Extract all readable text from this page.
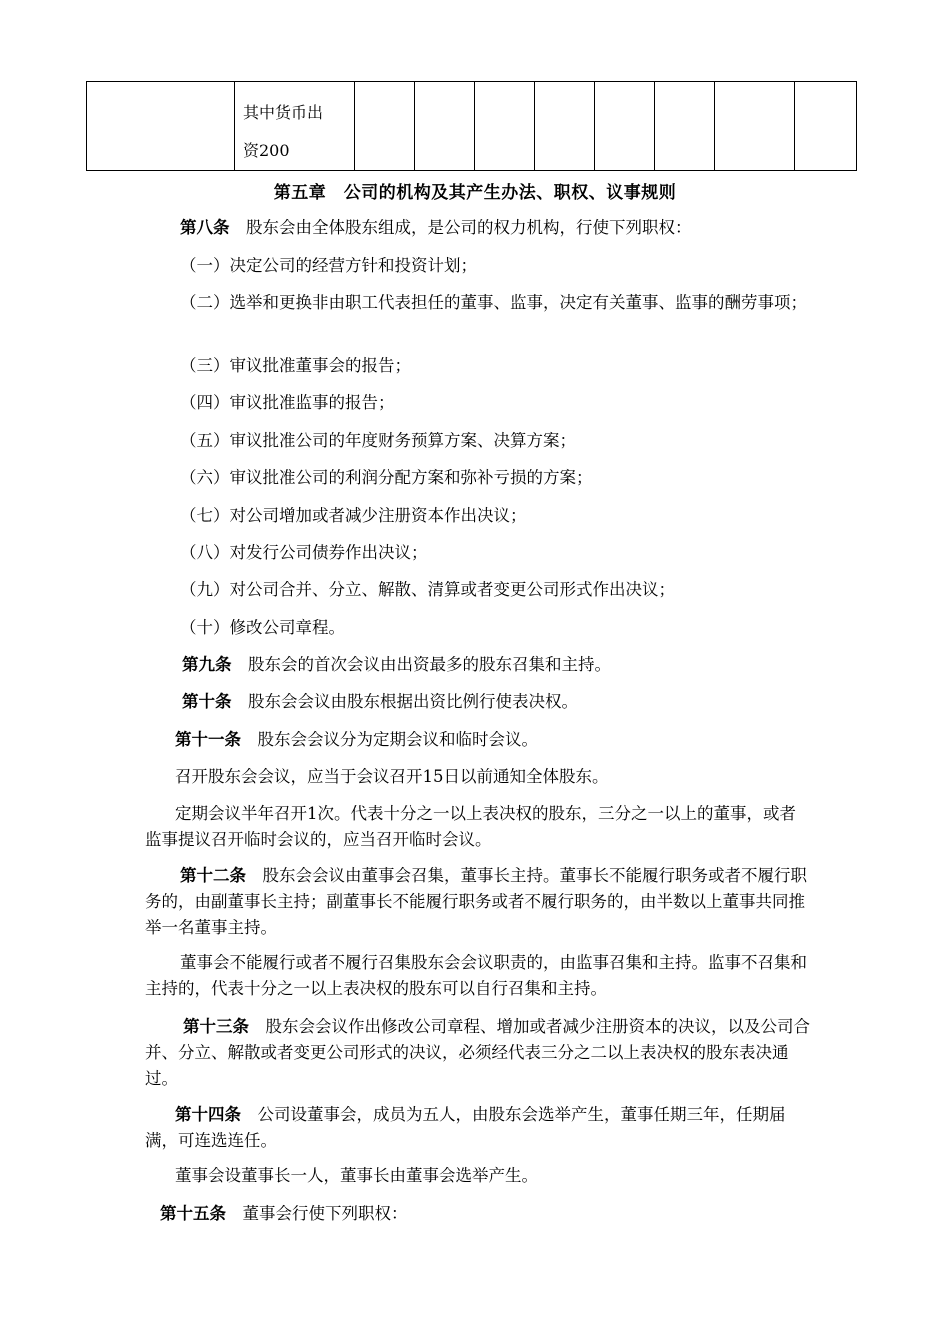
其中货币出
资200

第五章　公司的机构及其产生办法、职权、议事规则
第八条　股东会由全体股东组成，是公司的权力机构，行使下列职权：
（一）决定公司的经营方针和投资计划；
（二）选举和更换非由职工代表担任的董事、监事，决定有关董事、监事的酬劳事项；
（三）审议批准董事会的报告；
（四）审议批准监事的报告；
（五）审议批准公司的年度财务预算方案、决算方案；
（六）审议批准公司的利润分配方案和弥补亏损的方案；
（七）对公司增加或者减少注册资本作出决议；
（八）对发行公司债券作出决议；
（九）对公司合并、分立、解散、清算或者变更公司形式作出决议；
（十）修改公司章程。
第九条　股东会的首次会议由出资最多的股东召集和主持。
第十条　股东会会议由股东根据出资比例行使表决权。
第十一条　股东会会议分为定期会议和临时会议。
召开股东会会议，应当于会议召开15日以前通知全体股东。
定期会议半年召开1次。代表十分之一以上表决权的股东，三分之一以上的董事，或者监事提议召开临时会议的，应当召开临时会议。
第十二条　股东会会议由董事会召集，董事长主持。董事长不能履行职务或者不履行职务的，由副董事长主持；副董事长不能履行职务或者不履行职务的，由半数以上董事共同推举一名董事主持。
董事会不能履行或者不履行召集股东会会议职责的，由监事召集和主持。监事不召集和主持的，代表十分之一以上表决权的股东可以自行召集和主持。
第十三条　股东会会议作出修改公司章程、增加或者减少注册资本的决议，以及公司合并、分立、解散或者变更公司形式的决议，必须经代表三分之二以上表决权的股东表决通过。
第十四条　公司设董事会，成员为五人，由股东会选举产生，董事任期三年，任期届满，可连选连任。
董事会设董事长一人，董事长由董事会选举产生。
第十五条　董事会行使下列职权：
